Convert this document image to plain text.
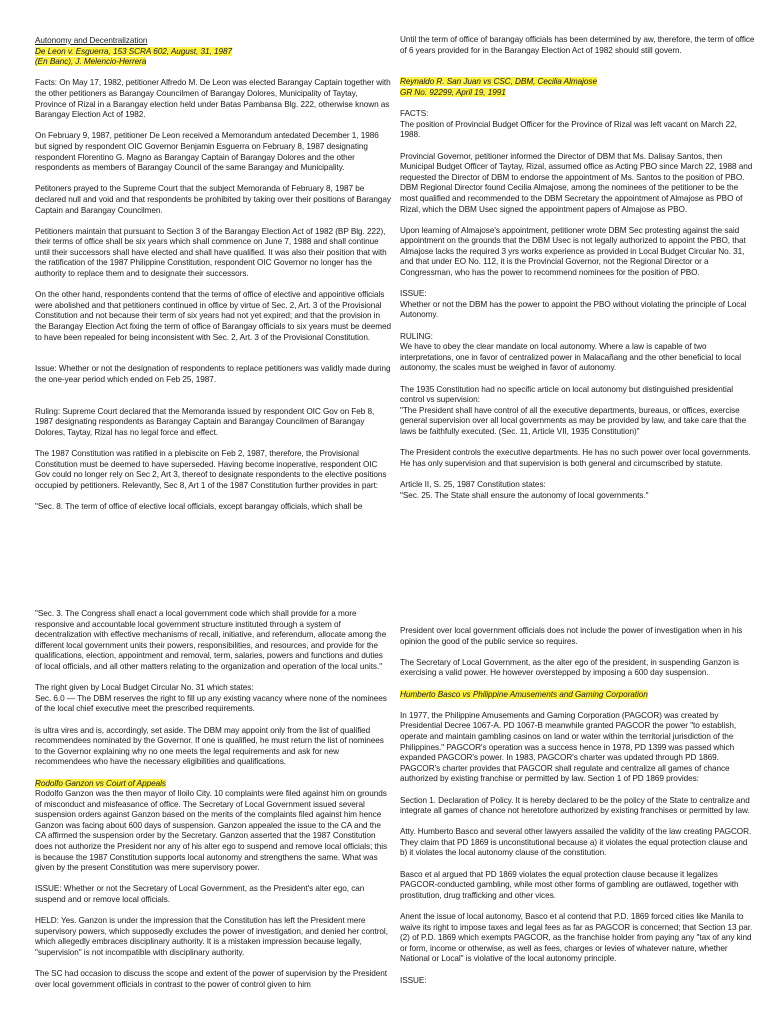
Autonomy and Decentralization
De Leon v. Esguerra, 153 SCRA 602, August, 31, 1987
(En Banc), J. Melencio-Herrera

Facts: On May 17, 1982, petitioner Alfredo M. De Leon was elected Barangay Captain together with the other petitioners as Barangay Councilmen of Barangay Dolores, Municipality of Taytay, Province of Rizal in a Barangay election held under Batas Pambansa Blg. 222, otherwise known as Barangay Election Act of 1982.

On February 9, 1987, petitioner De Leon received a Memorandum antedated December 1, 1986 but signed by respondent OIC Governor Benjamin Esguerra on February 8, 1987 designating respondent Florentino G. Magno as Barangay Captain of Barangay Dolores and the other respondents as members of Barangay Council of the same Barangay and Municipality.

Petitoners prayed to the Supreme Court that the subject Memoranda of February 8, 1987 be declared null and void and that respondents be prohibited by taking over their positions of Barangay Captain and Barangay Councilmen.

Petitioners maintain that pursuant to Section 3 of the Barangay Election Act of 1982 (BP Blg. 222), their terms of office shall be six years which shall commence on June 7, 1988 and shall continue until their successors shall have elected and shall have qualified. It was also their position that with the ratification of the 1987 Philippine Constitution, respondent OIC Governor no longer has the authority to replace them and to designate their successors.

On the other hand, respondents contend that the terms of office of elective and appointive officials were abolished and that petitioners continued in office by virtue of Sec. 2, Art. 3 of the Provisional Constitution and not because their term of six years had not yet expired; and that the provision in the Barangay Election Act fixing the term of office of Barangay officials to six years must be deemed to have been repealed for being inconsistent with Sec. 2, Art. 3 of the Provisional Constitution.

Issue: Whether or not the designation of respondents to replace petitioners was validly made during the one-year period which ended on Feb 25, 1987.

Ruling: Supreme Court declared that the Memoranda issued by respondent OIC Gov on Feb 8, 1987 designating respondents as Barangay Captain and Barangay Councilmen of Barangay Dolores, Taytay, Rizal has no legal force and effect.

The 1987 Constitution was ratified in a plebiscite on Feb 2, 1987, therefore, the Provisional Constitution must be deemed to have superseded. Having become inoperative, respondent OIC Gov could no longer rely on Sec 2, Art 3, thereof to designate respondents to the elective positions occupied by petitioners. Relevantly, Sec 8, Art 1 of the 1987 Constitution further provides in part:

"Sec. 8. The term of office of elective local officials, except barangay officials, which shall be

Until the term of office of barangay officials has been determined by aw, therefore, the term of office of 6 years provided for in the Barangay Election Act of 1982 should still govern.

Reynaldo R. San Juan vs CSC, DBM, Cecilia Almajose
GR No. 92299, April 19, 1991
FACTS:

The position of Provincial Budget Officer for the Province of Rizal was left vacant on March 22, 1988.

Provincial Governor, petitioner informed the Director of DBM that Ms. Dalisay Santos, then Municipal Budget Officer of Taytay, Rizal, assumed office as Acting PBO since March 22, 1988 and requested the Director of DBM to endorse the appointment of Ms. Santos to the position of PBO. DBM Regional Director found Cecilia Almajose, among the nominees of the petitioner to be the most qualified and recommended to the DBM Secretary the appointment of Almajose as PBO of Rizal, which the DBM Usec signed the appointment papers of Almajose as PBO.

Upon learning of Almajose's appointment, petitioner wrote DBM Sec protesting against the said appointment on the grounds that the DBM Usec is not legally authorized to appoint the PBO, that Almajose lacks the required 3 yrs works experience as provided in Local Budget Circular No. 31, and that under EO No. 112, it is the Provincial Governor, not the Regional Director or a Congressman, who has the power to recommend nominees for the position of PBO.

ISSUE:

Whether or not the DBM has the power to appoint the PBO without violating the principle of Local Autonomy.

RULING:

We have to obey the clear mandate on local autonomy. Where a law is capable of two interpretations, one in favor of centralized power in Malacañang and the other beneficial to local autonomy, the scales must be weighed in favor of autonomy.

The 1935 Constitution had no specific article on local autonomy but distinguished presidential control vs supervision:

"The President shall have control of all the executive departments, bureaus, or offices, exercise general supervision over all local governments as may be provided by law, and take care that the laws be faithfully executed. (Sec. 11, Article VII, 1935 Constitution)"

The President controls the executive departments. He has no such power over local governments. He has only supervision and that supervision is both general and circumscribed by statute.

Article II, S. 25, 1987 Constitution states:

"Sec. 25. The State shall ensure the autonomy of local governments."

"Sec. 3. The Congress shall enact a local government code which shall provide for a more responsive and accountable local government structure instituted through a system of decentralization with effective mechanisms of recall, initiative, and referendum, allocate among the different local government units their powers, responsibilities, and resources, and provide for the qualifications, election, appointment and removal, term, salaries, powers and functions and duties of local officials, and all other matters relating to the organization and operation of the local units."

The right given by Local Budget Circular No. 31 which states:

Sec. 6.0 — The DBM reserves the right to fill up any existing vacancy where none of the nominees of the local chief executive meet the prescribed requirements.

is ultra vires and is, accordingly, set aside. The DBM may appoint only from the list of qualified recommendees nominated by the Governor. If one is qualified, he must return the list of nominees to the Governor explaining why no one meets the legal requirements and ask for new recommendees who have the necessary eligibilities and qualifications.

Rodolfo Ganzon vs Court of Appeals

Rodolfo Ganzon was the then mayor of Iloilo City. 10 complaints were filed against him on grounds of misconduct and misfeasance of office. The Secretary of Local Government issued several suspension orders against Ganzon based on the merits of the complaints filed against him hence Ganzon was facing about 600 days of suspension. Ganzon appealed the issue to the CA and the CA affirmed the suspension order by the Secretary. Ganzon asserted that the 1987 Constitution does not authorize the President nor any of his alter ego to suspend and remove local officials; this is because the 1987 Constitution supports local autonomy and strengthens the same. What was given by the present Constitution was mere supervisory power.

ISSUE: Whether or not the Secretary of Local Government, as the President's alter ego, can suspend and or remove local officials.

HELD: Yes. Ganzon is under the impression that the Constitution has left the President mere supervisory powers, which supposedly excludes the power of investigation, and denied her control, which allegedly embraces disciplinary authority. It is a mistaken impression because legally, "supervision" is not incompatible with disciplinary authority.

The SC had occasion to discuss the scope and extent of the power of supervision by the President over local government officials in contrast to the power of control given to him

President over local government officials does not include the power of investigation when in his opinion the good of the public service so requires.

The Secretary of Local Government, as the alter ego of the president, in suspending Ganzon is exercising a valid power. He however overstepped by imposing a 600 day suspension.

Humberto Basco vs Philippine Amusements and Gaming Corporation

In 1977, the Philippine Amusements and Gaming Corporation (PAGCOR) was created by Presidential Decree 1067-A. PD 1067-B meanwhile granted PAGCOR the power "to establish, operate and maintain gambling casinos on land or water within the territorial jurisdiction of the Philippines." PAGCOR's operation was a success hence in 1978, PD 1399 was passed which expanded PAGCOR's power. In 1983, PAGCOR's charter was updated through PD 1869. PAGCOR's charter provides that PAGCOR shall regulate and centralize all games of chance authorized by existing franchise or permitted by law. Section 1 of PD 1869 provides:

Section 1. Declaration of Policy. It is hereby declared to be the policy of the State to centralize and integrate all games of chance not heretofore authorized by existing franchises or permitted by law.

Atty. Humberto Basco and several other lawyers assailed the validity of the law creating PAGCOR. They claim that PD 1869 is unconstitutional because a) it violates the equal protection clause and b) it violates the local autonomy clause of the constitution.

Basco et al argued that PD 1869 violates the equal protection clause because it legalizes PAGCOR-conducted gambling, while most other forms of gambling are outlawed, together with prostitution, drug trafficking and other vices.

Anent the issue of local autonomy, Basco et al contend that P.D. 1869 forced cities like Manila to waive its right to impose taxes and legal fees as far as PAGCOR is concerned; that Section 13 par. (2) of P.D. 1869 which exempts PAGCOR, as the franchise holder from paying any "tax of any kind or form, income or otherwise, as well as fees, charges or levies of whatever nature, whether National or Local" is violative of the local autonomy principle.

ISSUE:
